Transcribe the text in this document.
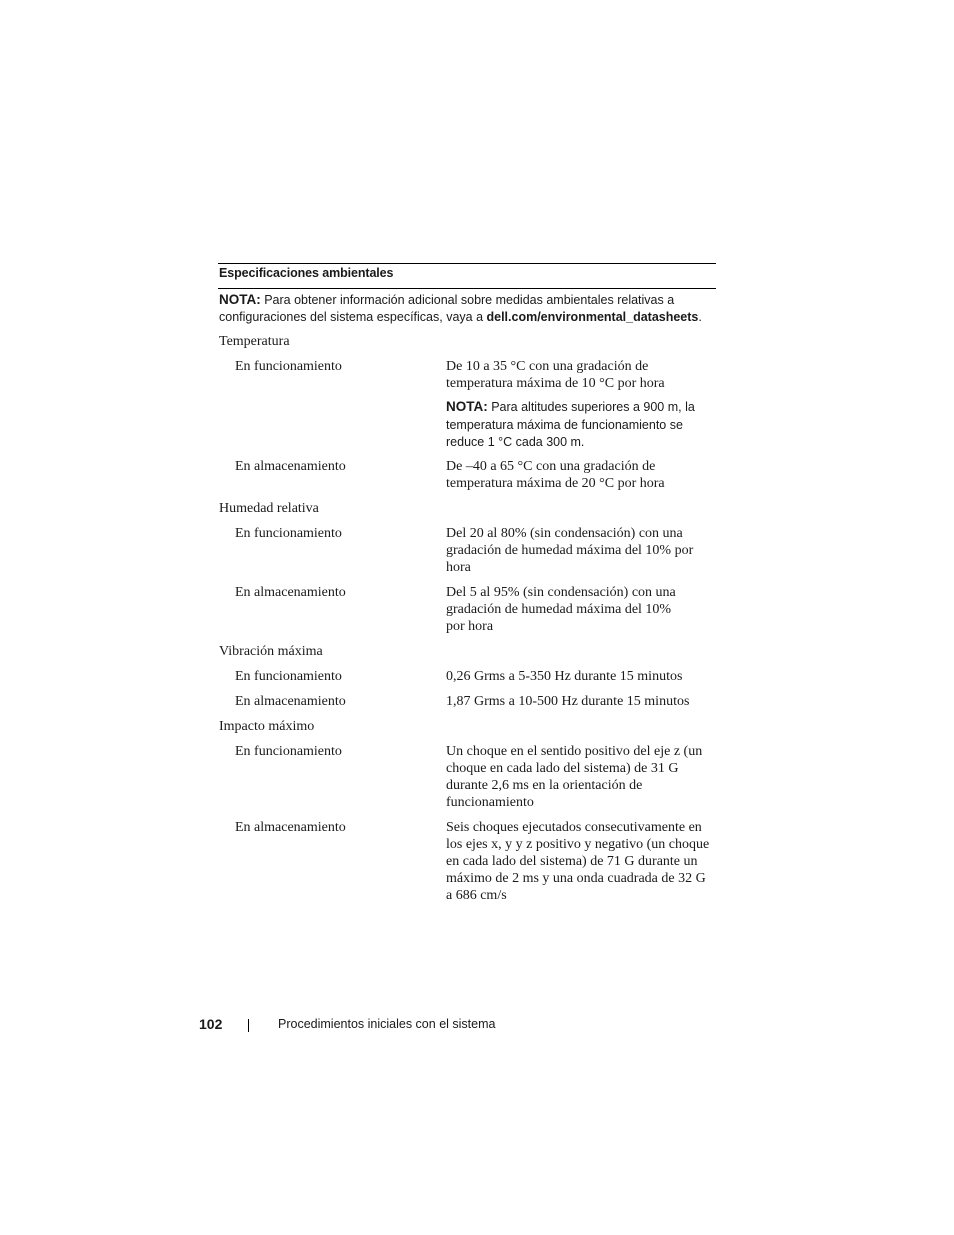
Especificaciones ambientales
NOTA: Para obtener información adicional sobre medidas ambientales relativas a configuraciones del sistema específicas, vaya a dell.com/environmental_datasheets.
Temperatura
En funcionamiento	De 10 a 35 °C con una gradación de temperatura máxima de 10 °C por hora
NOTA: Para altitudes superiores a 900 m, la temperatura máxima de funcionamiento se reduce 1 °C cada 300 m.
En almacenamiento	De –40 a 65 °C con una gradación de temperatura máxima de 20 °C por hora
Humedad relativa
En funcionamiento	Del 20 al 80% (sin condensación) con una gradación de humedad máxima del 10% por hora
En almacenamiento	Del 5 al 95% (sin condensación) con una gradación de humedad máxima del 10% por hora
Vibración máxima
En funcionamiento	0,26 Grms a 5-350 Hz durante 15 minutos
En almacenamiento	1,87 Grms a 10-500 Hz durante 15 minutos
Impacto máximo
En funcionamiento	Un choque en el sentido positivo del eje z (un choque en cada lado del sistema) de 31 G durante 2,6 ms en la orientación de funcionamiento
En almacenamiento	Seis choques ejecutados consecutivamente en los ejes x, y y z positivo y negativo (un choque en cada lado del sistema) de 71 G durante un máximo de 2 ms y una onda cuadrada de 32 G a 686 cm/s
102	Procedimientos iniciales con el sistema
